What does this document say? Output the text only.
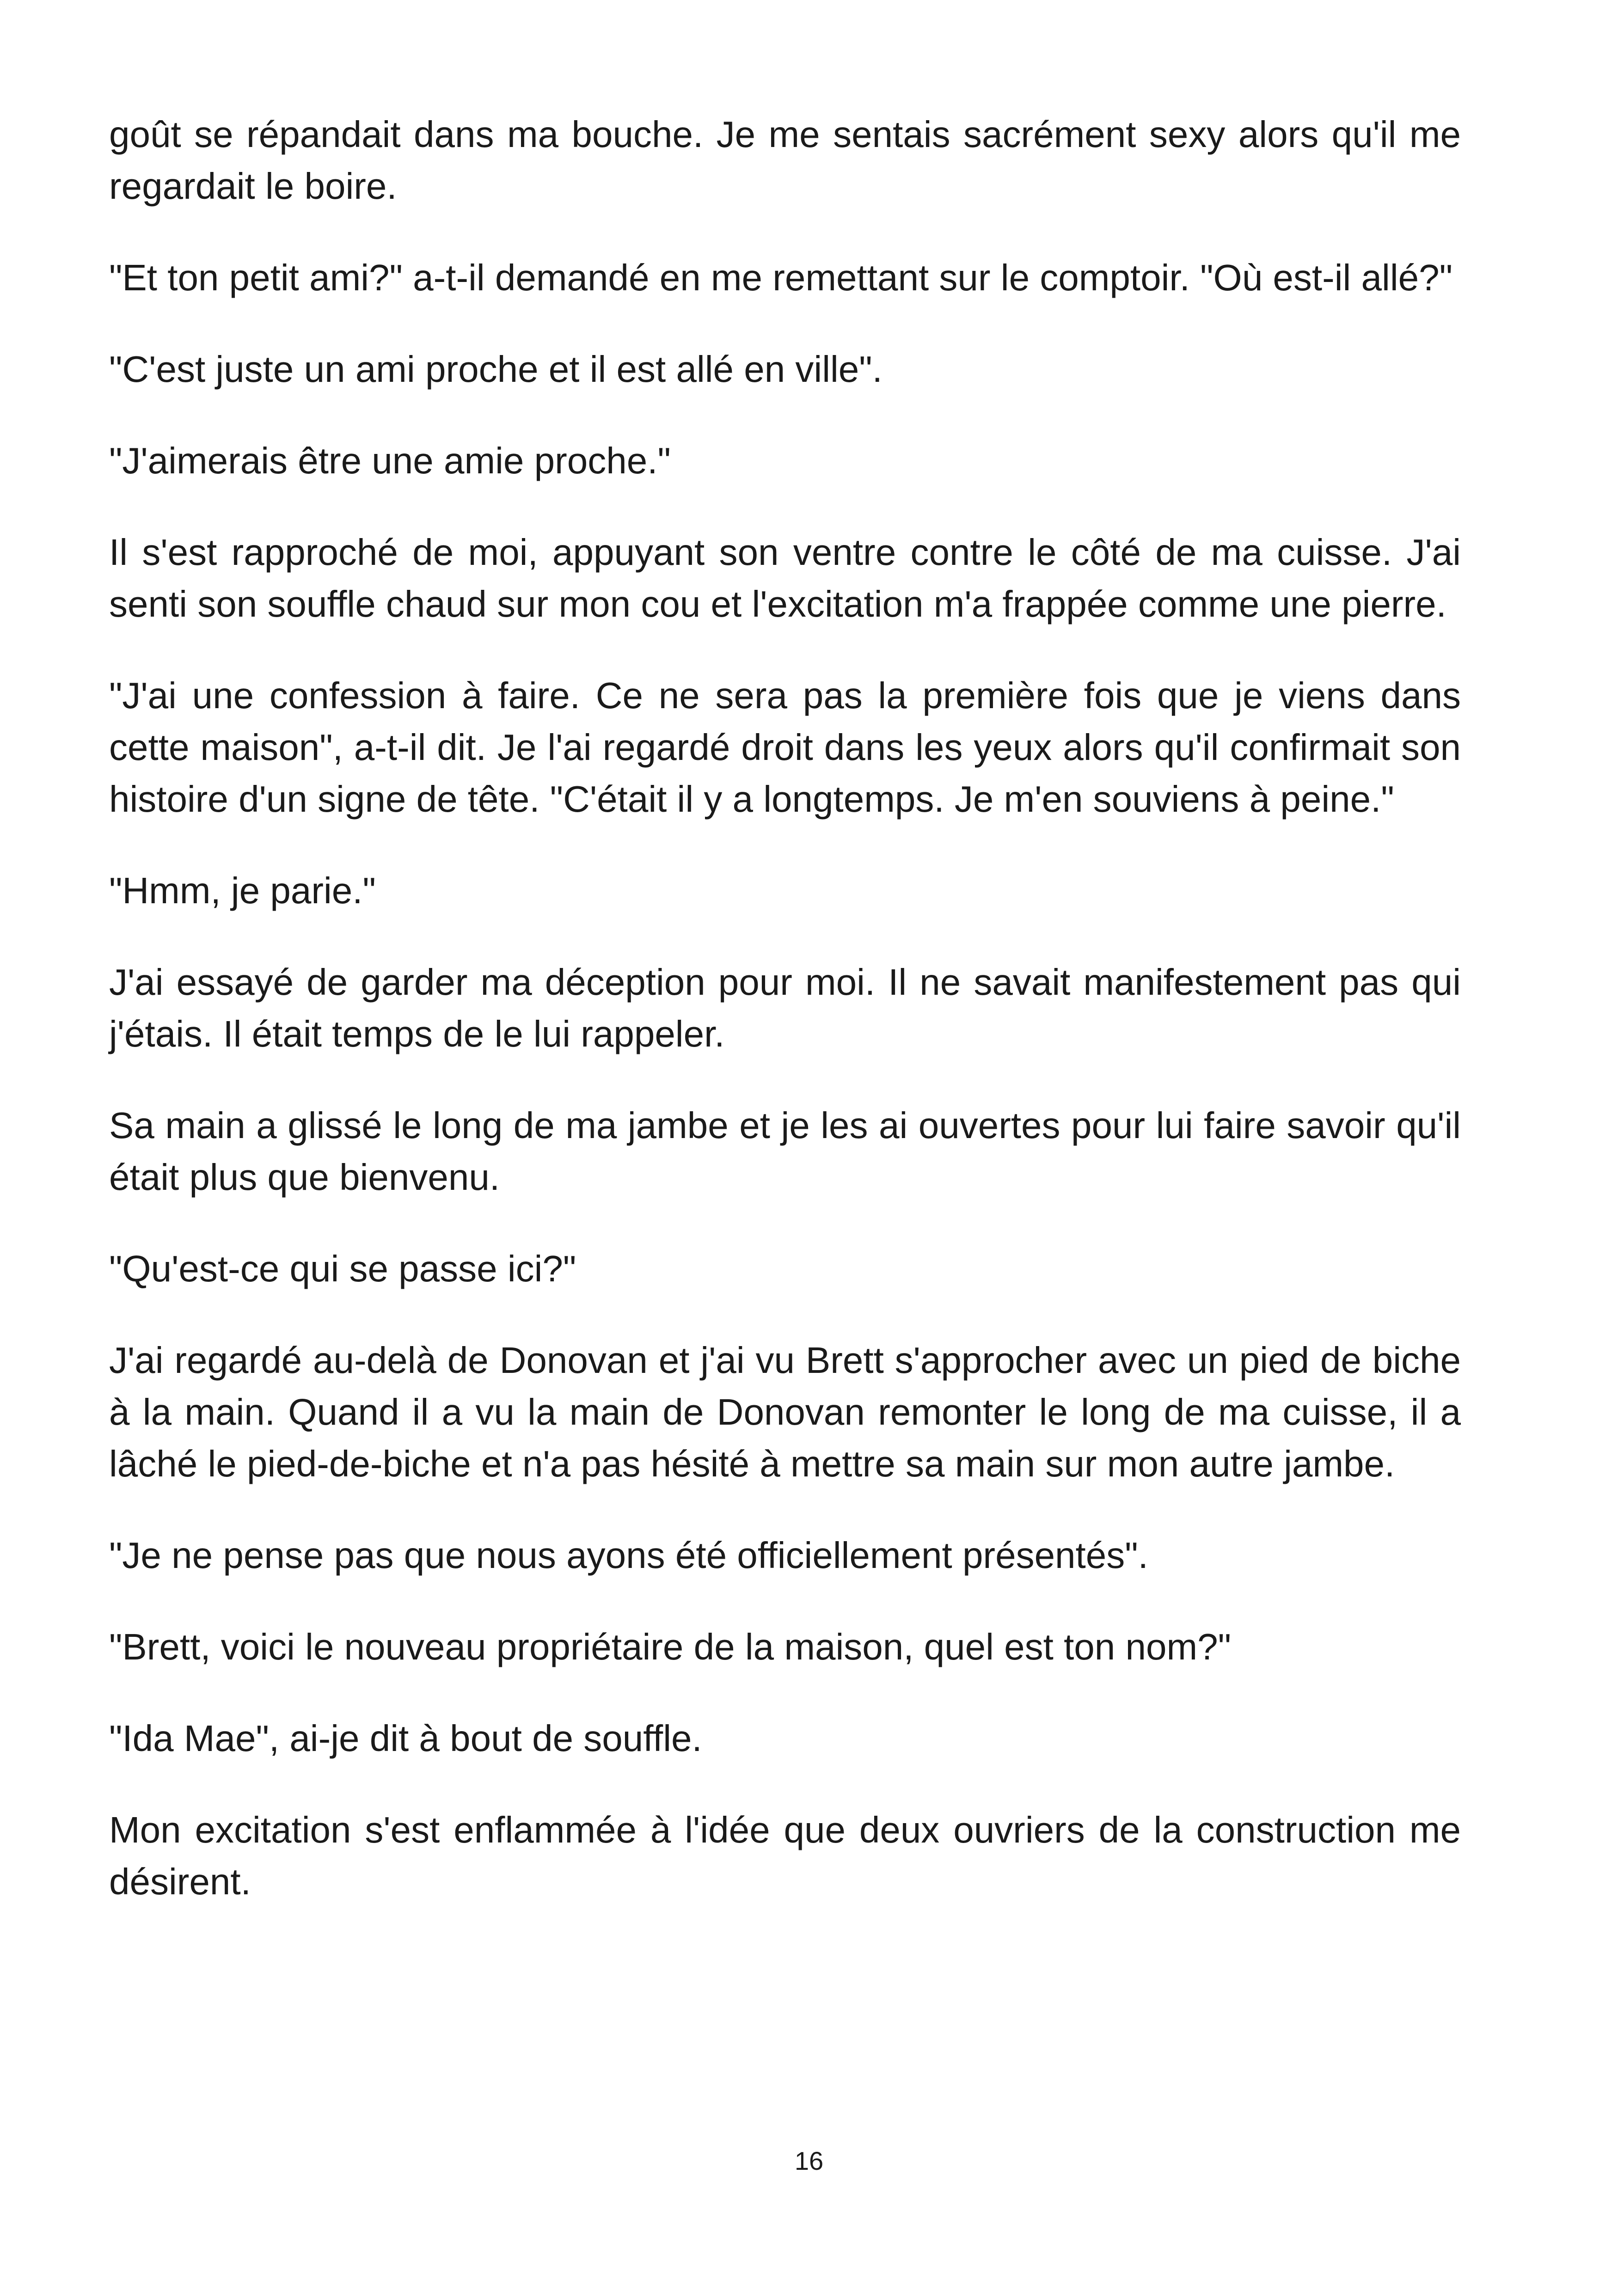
goût se répandait dans ma bouche. Je me sentais sacrément sexy alors qu'il me regardait le boire.

"Et ton petit ami?" a-t-il demandé en me remettant sur le comptoir. "Où est-il allé?"

"C'est juste un ami proche et il est allé en ville".

"J'aimerais être une amie proche."

Il s'est rapproché de moi, appuyant son ventre contre le côté de ma cuisse. J'ai senti son souffle chaud sur mon cou et l'excitation m'a frappée comme une pierre.

"J'ai une confession à faire. Ce ne sera pas la première fois que je viens dans cette maison", a-t-il dit. Je l'ai regardé droit dans les yeux alors qu'il confirmait son histoire d'un signe de tête. "C'était il y a longtemps. Je m'en souviens à peine."

"Hmm, je parie."

J'ai essayé de garder ma déception pour moi. Il ne savait manifestement pas qui j'étais. Il était temps de le lui rappeler.

Sa main a glissé le long de ma jambe et je les ai ouvertes pour lui faire savoir qu'il était plus que bienvenu.

"Qu'est-ce qui se passe ici?"

J'ai regardé au-delà de Donovan et j'ai vu Brett s'approcher avec un pied de biche à la main. Quand il a vu la main de Donovan remonter le long de ma cuisse, il a lâché le pied-de-biche et n'a pas hésité à mettre sa main sur mon autre jambe.

"Je ne pense pas que nous ayons été officiellement présentés".

"Brett, voici le nouveau propriétaire de la maison, quel est ton nom?"

"Ida Mae", ai-je dit à bout de souffle.

Mon excitation s'est enflammée à l'idée que deux ouvriers de la construction me désirent.

16
